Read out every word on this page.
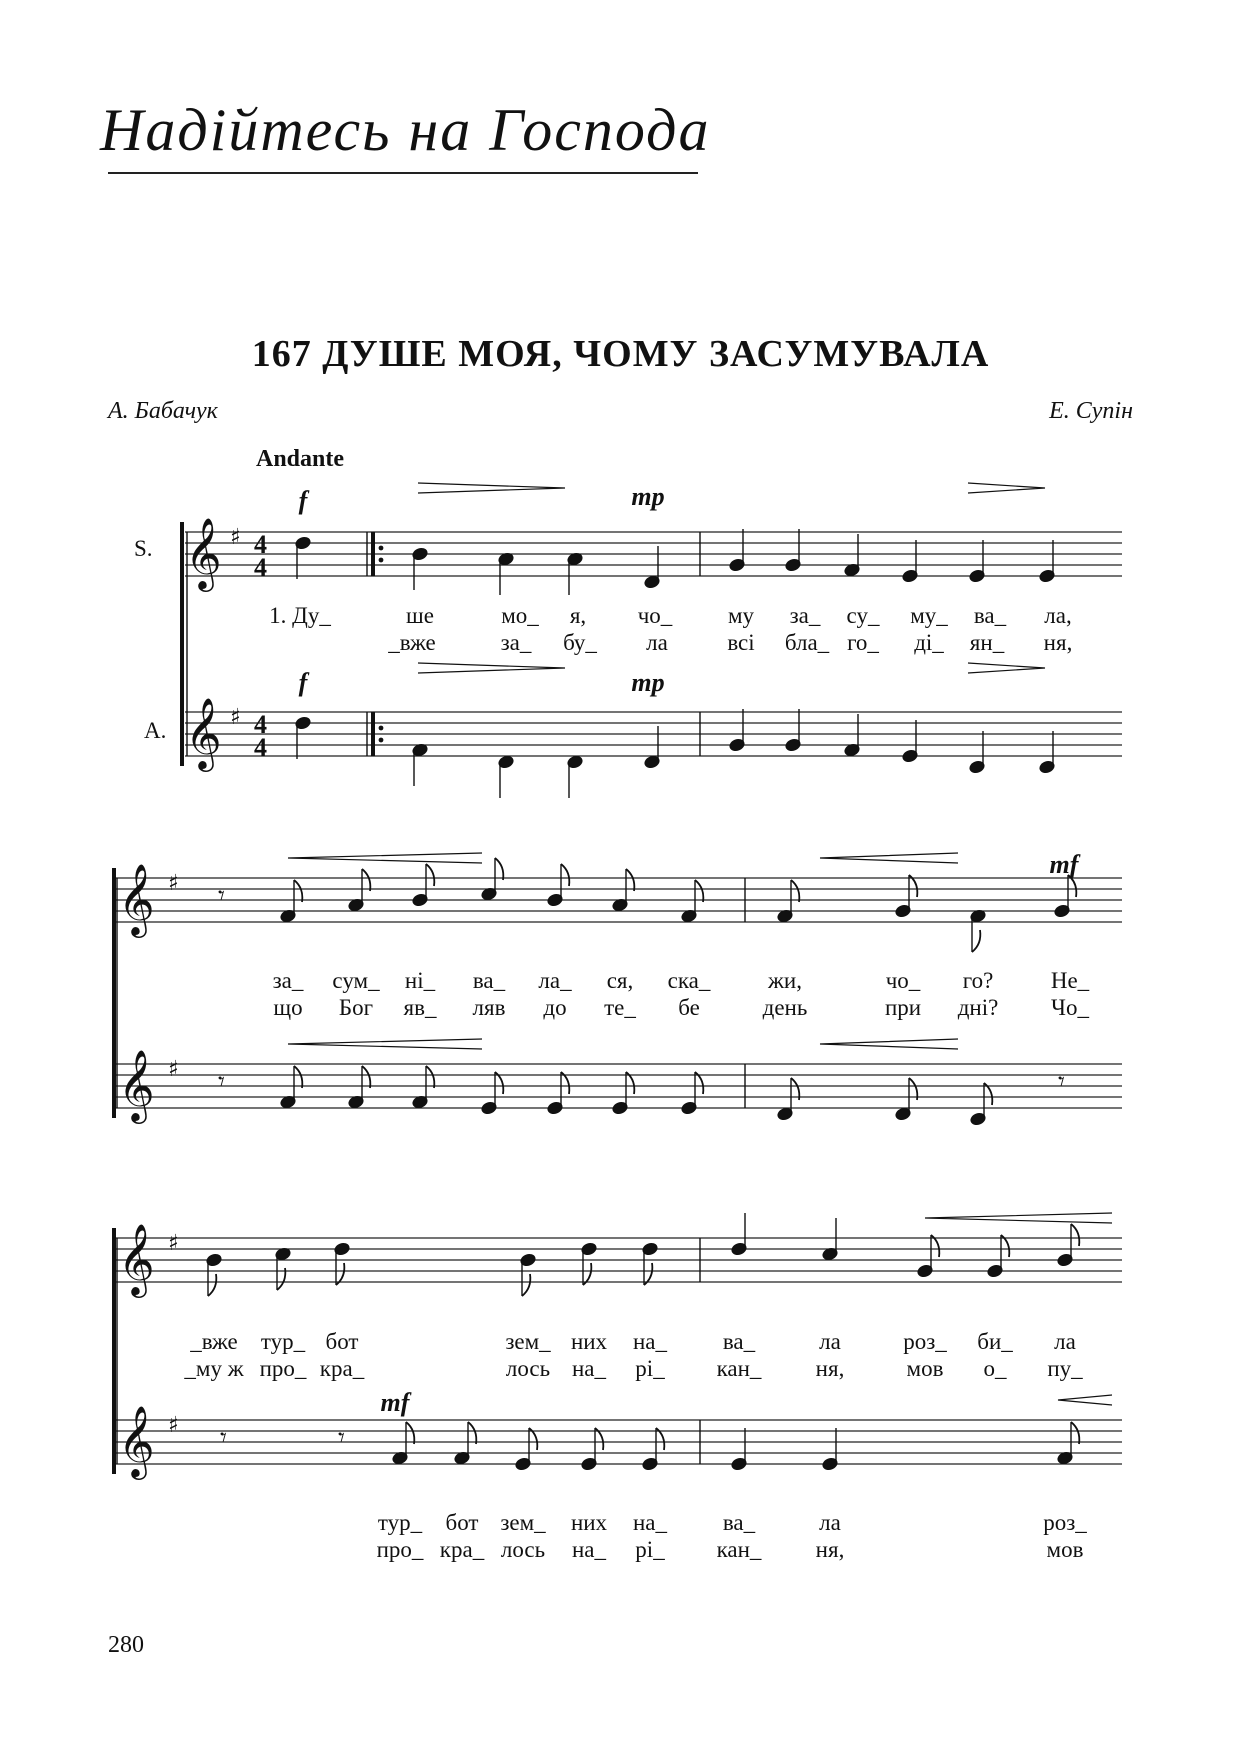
Надійтесь на Господа
167 ДУШЕ МОЯ, ЧОМУ ЗАСУМУВАЛА
А. Бабачук	Е. Супін
Andante
S.
A.
f	mp
f	mp
mf
mf
1. Ду_	ше	мо_ я, чо_ му за_ су_ му_ ва_ ла,
_вже	за_ бу_ ла	всі бла_ го_ ді_ ян_ ня,
за_ сум_ ні_ ва_ ла_ ся, ска_	жи,	чо_ го?	Не_
що Бог яв_ ляв до те_ бе	день	при дні? Чо_
_вже тур_ бот	зем_ них на_ ва_	ла	роз_ би_ ла
_му ж про_ кра_	лось на_ рі_ кан_ ня,	мов о_ пу_
тур_ бот зем_ них на_ ва_	ла	роз_
про_ кра_ лось на_ рі_ кан_ ня,	мов
280
𝄞 ♯ 4
4
𝄞 ♯ 4
4
𝄞 ♯ 𝄾
𝄞 ♯ 𝄾	𝄾
𝄞 ♯
𝄞 ♯ 𝄾	𝄾
